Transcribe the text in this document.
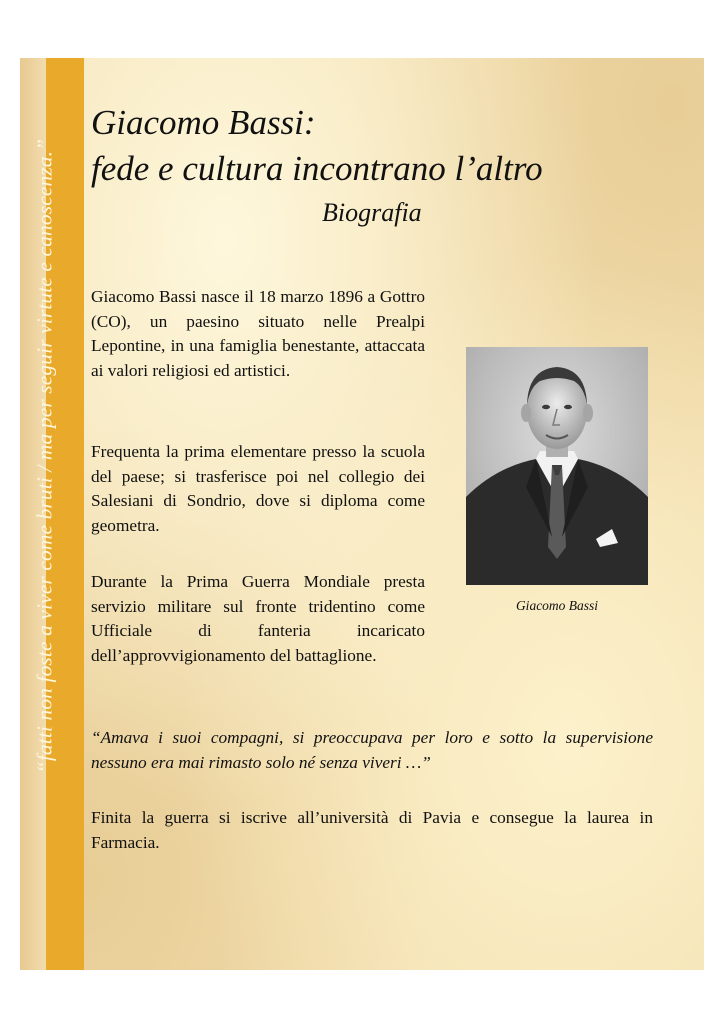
“fatti non foste a viver come bruti / ma per seguir virtute e canoscenza.”
Giacomo Bassi:
fede e cultura incontrano l’altro
Biografia

Giacomo Bassi nasce il 18 marzo 1896 a Gottro (CO), un paesino situato nelle Prealpi Lepontine, in una famiglia benestante, attaccata ai valori religiosi ed artistici.

Frequenta la prima elementare presso la scuola del paese; si trasferisce poi nel collegio dei Salesiani di Sondrio, dove si diploma come geometra.

Durante la Prima Guerra Mondiale presta servizio militare sul fronte tridentino come Ufficiale di fanteria incaricato dell’approvvigionamento del battaglione.

Giacomo Bassi

“Amava i suoi compagni, si preoccupava per loro e sotto la supervisione nessuno era mai rimasto solo né senza viveri …”

Finita la guerra si iscrive all’università di Pavia e consegue la laurea in Farmacia.
